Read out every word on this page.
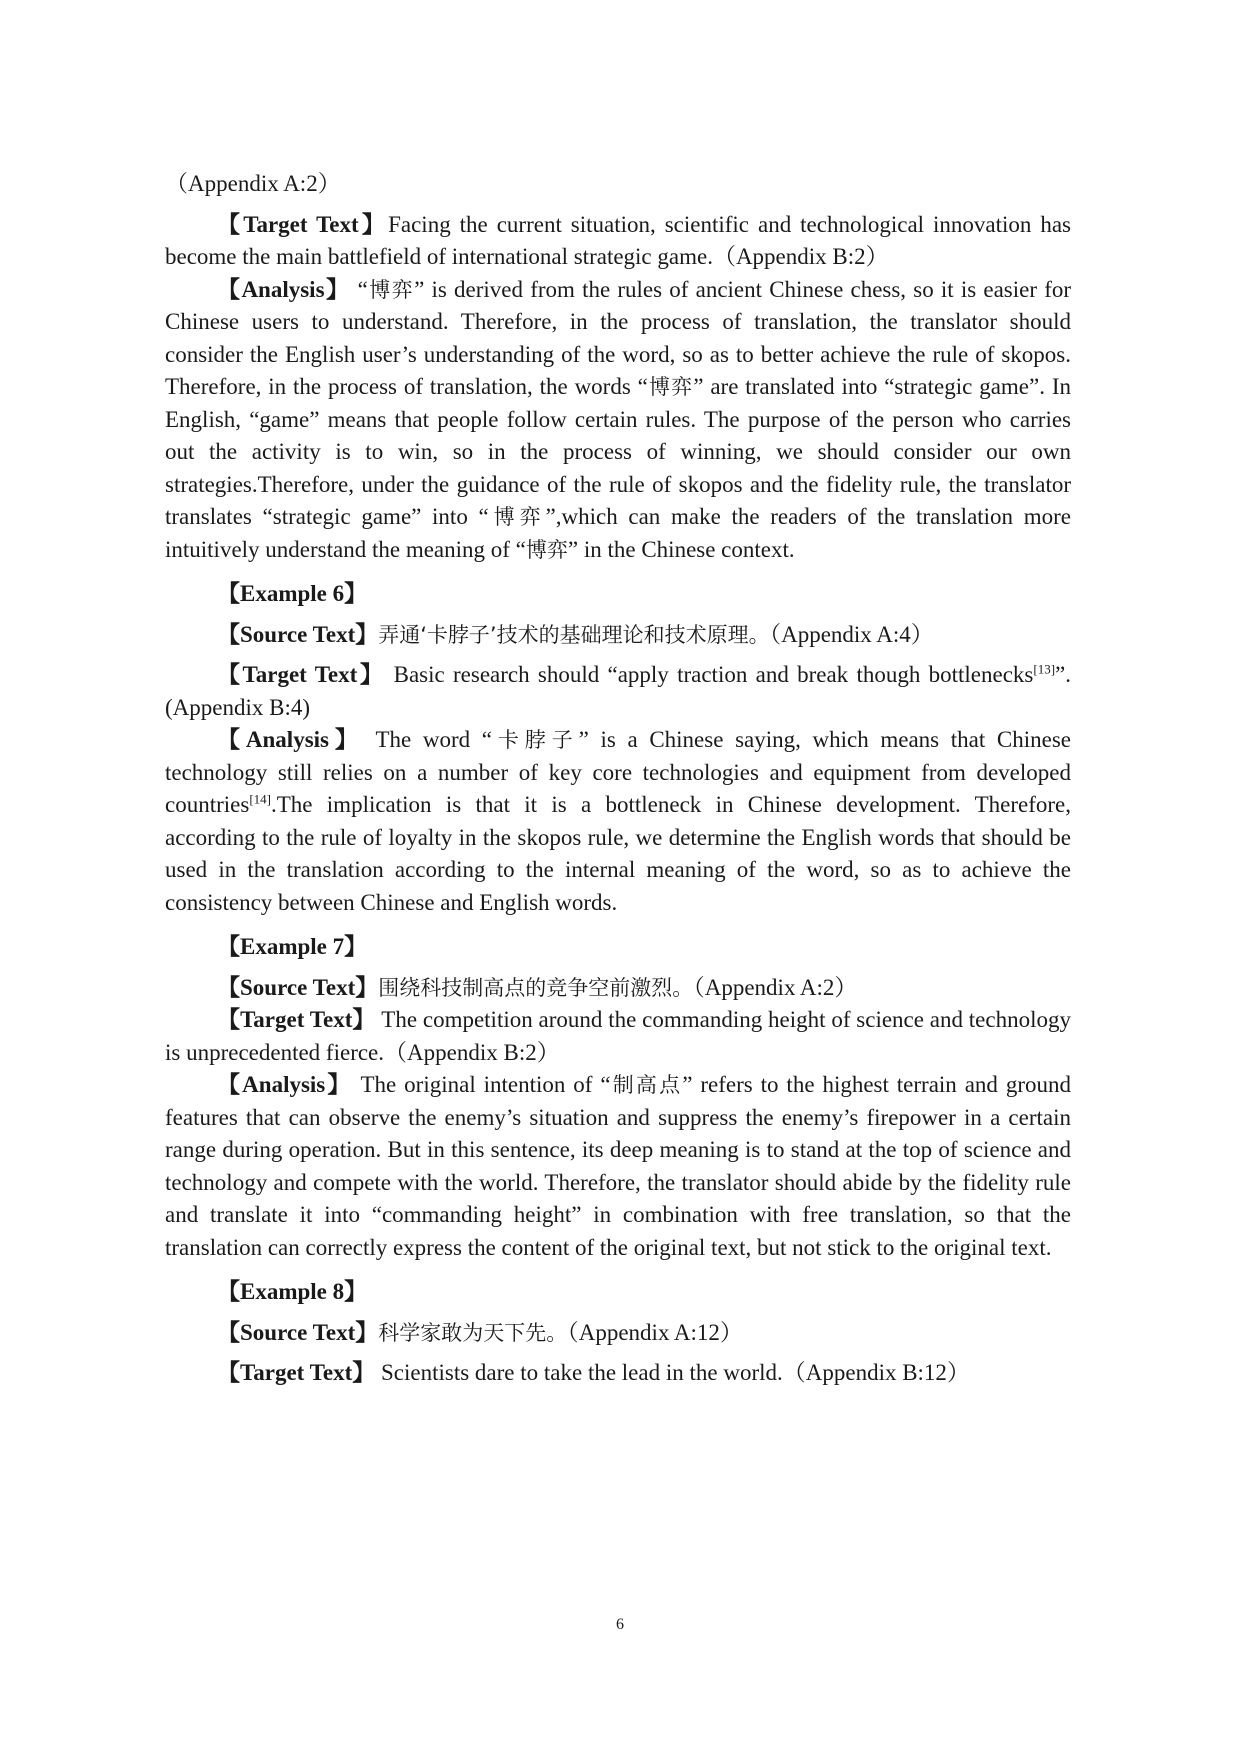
（Appendix A:2）

【Target Text】Facing the current situation, scientific and technological innovation has become the main battlefield of international strategic game.（Appendix B:2）

【Analysis】 “博弈” is derived from the rules of ancient Chinese chess, so it is easier for Chinese users to understand. Therefore, in the process of translation, the translator should consider the English user’s understanding of the word, so as to better achieve the rule of skopos. Therefore, in the process of translation, the words “博弈” are translated into “strategic game”. In English, “game” means that people follow certain rules. The purpose of the person who carries out the activity is to win, so in the process of winning, we should consider our own strategies.Therefore, under the guidance of the rule of skopos and the fidelity rule, the translator translates “strategic game” into “博弈”,which can make the readers of the translation more intuitively understand the meaning of “博弈” in the Chinese context.

【Example 6】

【Source Text】弄通‘卡脖子’技术的基础理论和技术原理。（Appendix A:4）

【Target Text】 Basic research should “apply traction and break though bottlenecks[13]”.(Appendix B:4)

【Analysis】 The word “卡脖子” is a Chinese saying, which means that Chinese technology still relies on a number of key core technologies and equipment from developed countries[14].The implication is that it is a bottleneck in Chinese development. Therefore, according to the rule of loyalty in the skopos rule, we determine the English words that should be used in the translation according to the internal meaning of the word, so as to achieve the consistency between Chinese and English words.

【Example 7】

【Source Text】围绕科技制高点的竞争空前激烈。（Appendix A:2）

【Target Text】 The competition around the commanding height of science and technology is unprecedented fierce.（Appendix B:2）

【Analysis】 The original intention of “制高点” refers to the highest terrain and ground features that can observe the enemy’s situation and suppress the enemy’s firepower in a certain range during operation. But in this sentence, its deep meaning is to stand at the top of science and technology and compete with the world. Therefore, the translator should abide by the fidelity rule and translate it into “commanding height” in combination with free translation, so that the translation can correctly express the content of the original text, but not stick to the original text.

【Example 8】

【Source Text】科学家敢为天下先。（Appendix A:12）

【Target Text】 Scientists dare to take the lead in the world.（Appendix B:12）

6
